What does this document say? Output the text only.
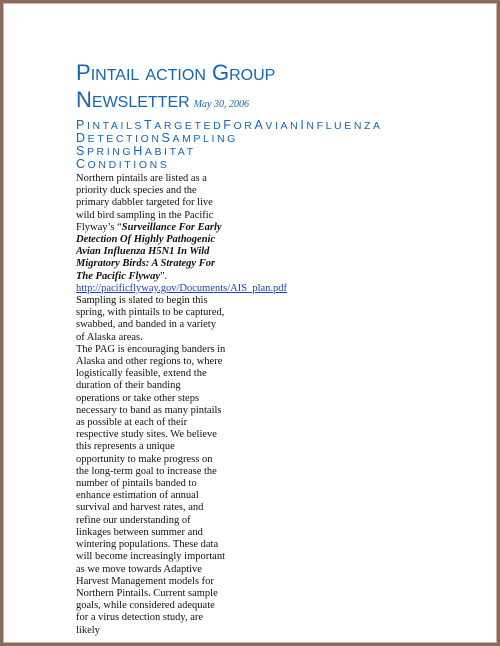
PINTAIL ACTION GROUP
NEWSLETTER May 30, 2006
PINTAILSTARGETEDFORAVIANINFLUENZA
DETECTIONSAMPLING
SPRINGHABITAT
CONDITIONS
Northern pintails are listed as a priority duck species and the primary dabbler targeted for live wild bird sampling in the Pacific Flyway’s “Surveillance For Early Detection Of Highly Pathogenic Avian Influenza H5N1 In Wild Migratory Birds: A Strategy For The Pacific Flyway”. http://pacificflyway.gov/Documents/AIS_plan.pdf Sampling is slated to begin this spring, with pintails to be captured, swabbed, and banded in a variety of Alaska areas.
The PAG is encouraging banders in Alaska and other regions to, where logistically feasible, extend the duration of their banding operations or take other steps necessary to band as many pintails as possible at each of their respective study sites. We believe this represents a unique opportunity to make progress on the long-term goal to increase the number of pintails banded to enhance estimation of annual survival and harvest rates, and refine our understanding of linkages between summer and wintering populations. These data will become increasingly important as we move towards Adaptive Harvest Management models for Northern Pintails. Current sample goals, while considered adequate for a virus detection study, are likely
